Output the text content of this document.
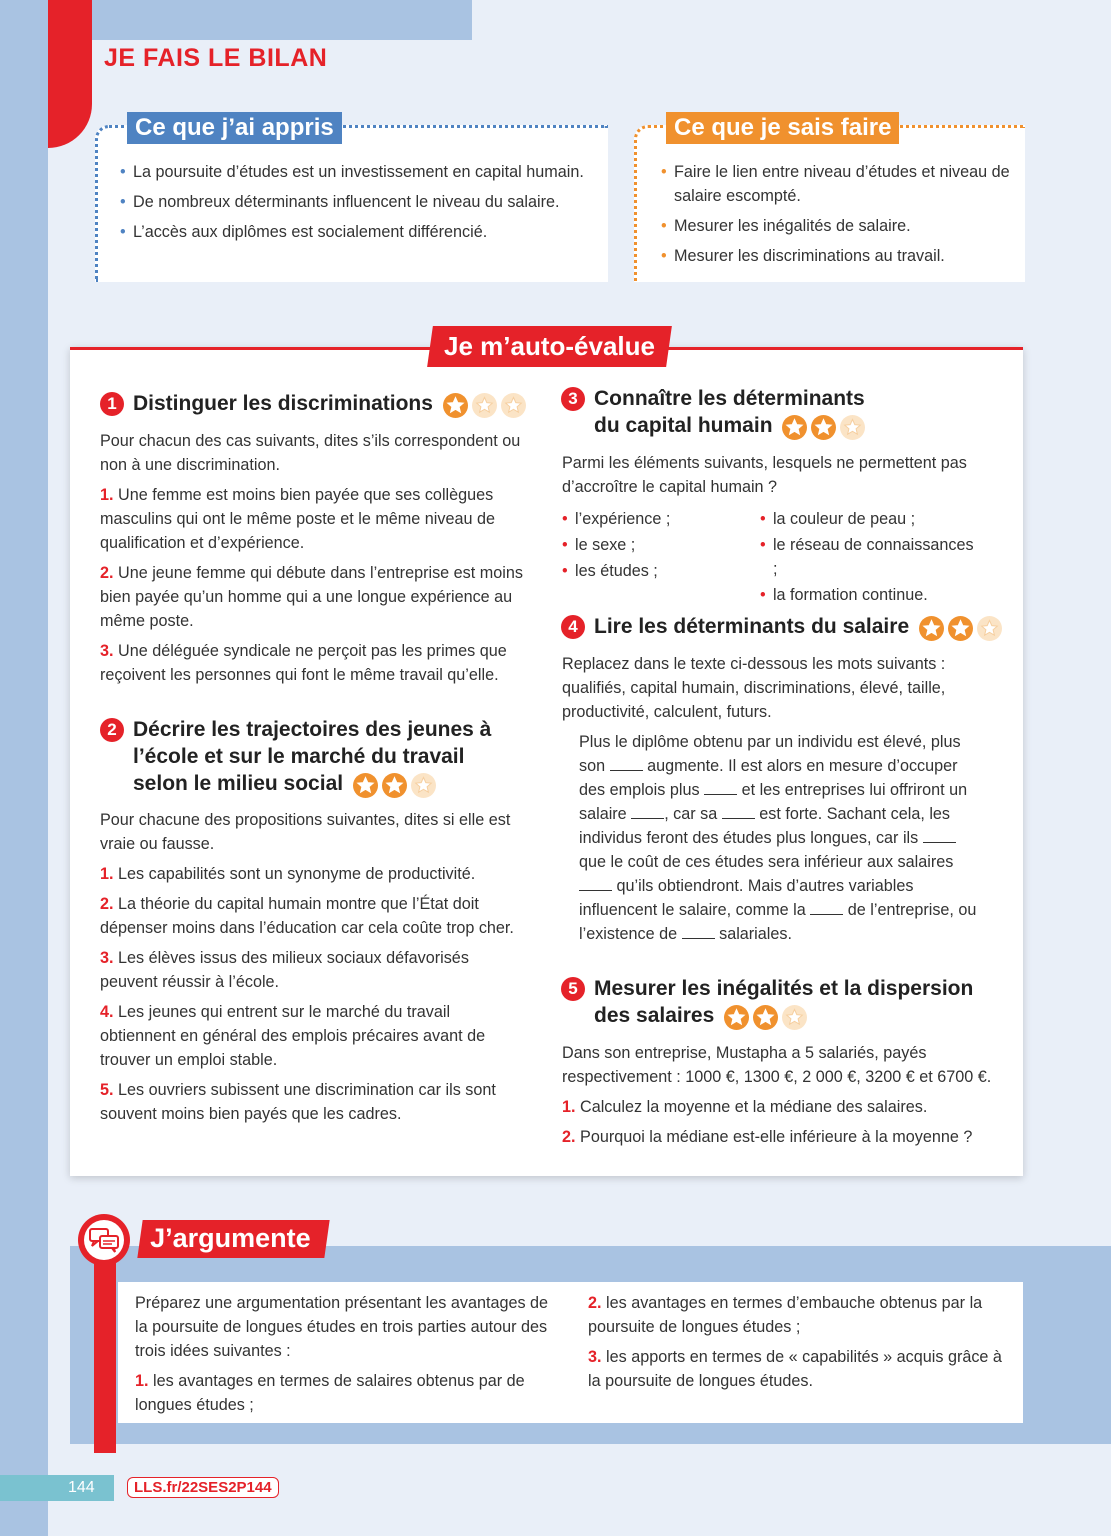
JE FAIS LE BILAN
• La poursuite d’études est un investissement en capital humain.
• De nombreux déterminants influencent le niveau du salaire.
• L’accès aux diplômes est socialement différencié.
Ce que j’ai appris
• Faire le lien entre niveau d’études et niveau de salaire escompté.
• Mesurer les inégalités de salaire.
• Mesurer les discriminations au travail.
Ce que je sais faire
Je m’auto-évalue
1 Distinguer les discriminations
Pour chacun des cas suivants, dites s’ils correspondent ou non à une discrimination.
1. Une femme est moins bien payée que ses collègues masculins qui ont le même poste et le même niveau de qualification et d’expérience.
2. Une jeune femme qui débute dans l’entreprise est moins bien payée qu’un homme qui a une longue expérience au même poste.
3. Une déléguée syndicale ne perçoit pas les primes que reçoivent les personnes qui font le même travail qu’elle.
2 Décrire les trajectoires des jeunes à l’école et sur le marché du travail selon le milieu social
Pour chacune des propositions suivantes, dites si elle est vraie ou fausse.
1. Les capabilités sont un synonyme de productivité.
2. La théorie du capital humain montre que l’État doit dépenser moins dans l’éducation car cela coûte trop cher.
3. Les élèves issus des milieux sociaux défavorisés peuvent réussir à l’école.
4. Les jeunes qui entrent sur le marché du travail obtiennent en général des emplois précaires avant de trouver un emploi stable.
5. Les ouvriers subissent une discrimination car ils sont souvent moins bien payés que les cadres.
3 Connaître les déterminants du capital humain
Parmi les éléments suivants, lesquels ne permettent pas d’accroître le capital humain ?
• l’expérience ;
• le sexe ;
• les études ;
• la couleur de peau ;
• le réseau de connaissances ;
• la formation continue.
4 Lire les déterminants du salaire
Replacez dans le texte ci-dessous les mots suivants : qualifiés, capital humain, discriminations, élevé, taille, productivité, calculent, futurs.
Plus le diplôme obtenu par un individu est élevé, plus son	augmente. Il est alors en mesure d’occuper des emplois plus	et les entreprises lui offriront un salaire , car sa	est forte. Sachant cela, les individus feront des études plus longues, car ils  que le coût de ces études sera inférieur aux salaires  qu’ils obtiendront. Mais d’autres variables influencent le salaire, comme la	de l’entreprise, ou l’existence de	salariales.
5 Mesurer les inégalités et la dispersion des salaires
Dans son entreprise, Mustapha a 5 salariés, payés respectivement : 1000 €, 1300 €, 2 000 €, 3200 € et 6700 €.
1. Calculez la moyenne et la médiane des salaires.
2. Pourquoi la médiane est-elle inférieure à la moyenne ?
J’argumente
Préparez une argumentation présentant les avantages de la poursuite de longues études en trois parties autour des trois idées suivantes :
1. les avantages en termes de salaires obtenus par de longues études ;
2. les avantages en termes d’embauche obtenus par la poursuite de longues études ;
3. les apports en termes de « capabilités » acquis grâce à la poursuite de longues études.
144	LLS.fr/22SES2P144
